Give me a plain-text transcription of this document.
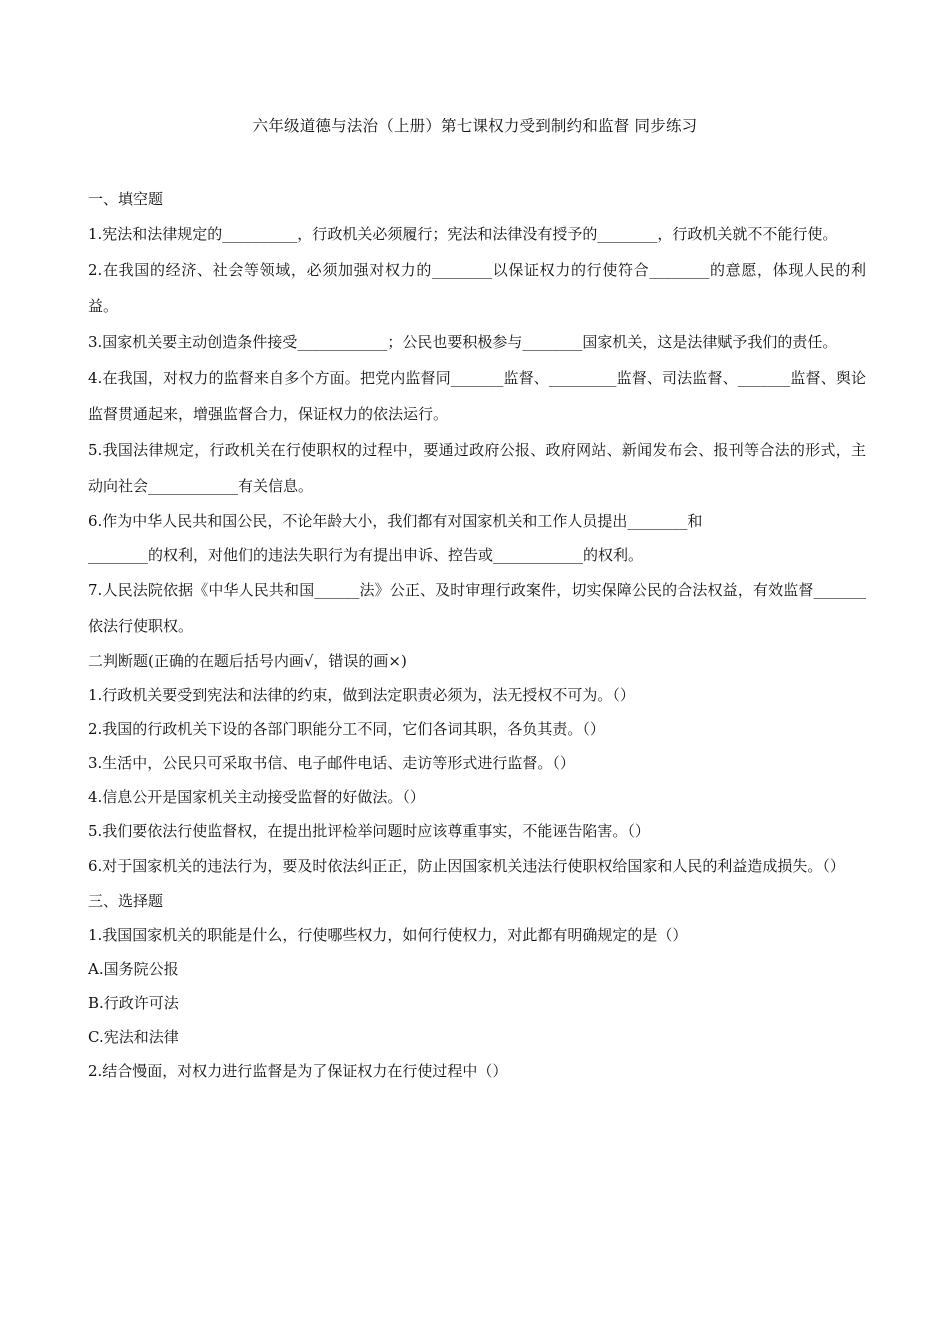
六年级道德与法治（上册）第七课权力受到制约和监督 同步练习
一、填空题
1.宪法和法律规定的__________，行政机关必须履行；宪法和法律没有授予的________，行政机关就不不能行使。
2.在我国的经济、社会等领域，必须加强对权力的________以保证权力的行使符合________的意愿，体现人民的利益。
3.国家机关要主动创造条件接受____________；公民也要积极参与________国家机关，这是法律赋予我们的责任。
4.在我国，对权力的监督来自多个方面。把党内监督同_______监督、_________监督、司法监督、_______监督、舆论监督贯通起来，增强监督合力，保证权力的依法运行。
5.我国法律规定，行政机关在行使职权的过程中，要通过政府公报、政府网站、新闻发布会、报刊等合法的形式，主动向社会____________有关信息。
6.作为中华人民共和国公民，不论年龄大小，我们都有对国家机关和工作人员提出________和
________的权利，对他们的违法失职行为有提出申诉、控告或____________的权利。
7.人民法院依据《中华人民共和国______法》公正、及时审理行政案件，切实保障公民的合法权益，有效监督_______依法行使职权。
二判断题(正确的在题后括号内画√，错误的画×)
1.行政机关要受到宪法和法律的约束，做到法定职责必须为，法无授权不可为。（）
2.我国的行政机关下设的各部门职能分工不同，它们各词其职，各负其责。（）
3.生活中，公民只可采取书信、电子邮件电话、走访等形式进行监督。（）
4.信息公开是国家机关主动接受监督的好做法。（）
5.我们要依法行使监督权，在提出批评检举问题时应该尊重事实，不能诬告陷害。（）
6.对于国家机关的违法行为，要及时依法纠正正，防止因国家机关违法行使职权给国家和人民的利益造成损失。（）
三、选择题
1.我国国家机关的职能是什么，行使哪些权力，如何行使权力，对此都有明确规定的是（）
A.国务院公报
B.行政许可法
C.宪法和法律
2.结合慢面，对权力进行监督是为了保证权力在行使过程中（）
